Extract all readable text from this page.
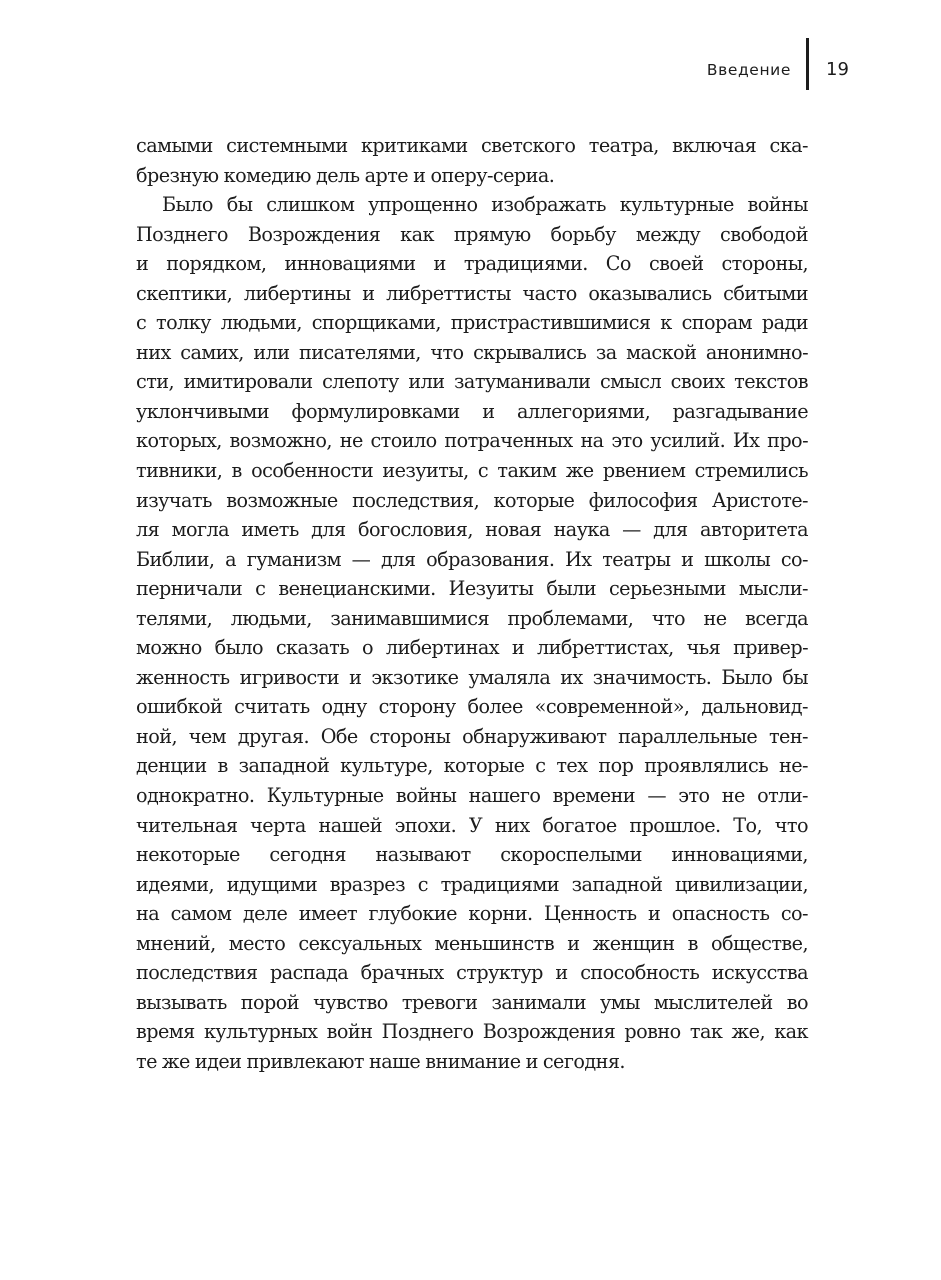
Введение 19
самыми системными критиками светского театра, включая ска-
брезную комедию дель арте и оперу-сериа.
Было бы слишком упрощенно изображать культурные войны
Позднего Возрождения как прямую борьбу между свободой
и порядком, инновациями и традициями. Со своей стороны,
скептики, либертины и либреттисты часто оказывались сбитыми
с толку людьми, спорщиками, пристрастившимися к спорам ради
них самих, или писателями, что скрывались за маской анонимно-
сти, имитировали слепоту или затуманивали смысл своих текстов
уклончивыми формулировками и аллегориями, разгадывание
которых, возможно, не стоило потраченных на это усилий. Их про-
тивники, в особенности иезуиты, с таким же рвением стремились
изучать возможные последствия, которые философия Аристоте-
ля могла иметь для богословия, новая наука — для авторитета
Библии, а гуманизм — для образования. Их театры и школы со-
перничали с венецианскими. Иезуиты были серьезными мысли-
телями, людьми, занимавшимися проблемами, что не всегда
можно было сказать о либертинах и либреттистах, чья привер-
женность игривости и экзотике умаляла их значимость. Было бы
ошибкой считать одну сторону более «современной», дальновид-
ной, чем другая. Обе стороны обнаруживают параллельные тен-
денции в западной культуре, которые с тех пор проявлялись не-
однократно. Культурные войны нашего времени — это не отли-
чительная черта нашей эпохи. У них богатое прошлое. То, что
некоторые сегодня называют скороспелыми инновациями,
идеями, идущими вразрез с традициями западной цивилизации,
на самом деле имеет глубокие корни. Ценность и опасность со-
мнений, место сексуальных меньшинств и женщин в обществе,
последствия распада брачных структур и способность искусства
вызывать порой чувство тревоги занимали умы мыслителей во
время культурных войн Позднего Возрождения ровно так же, как
те же идеи привлекают наше внимание и сегодня.
